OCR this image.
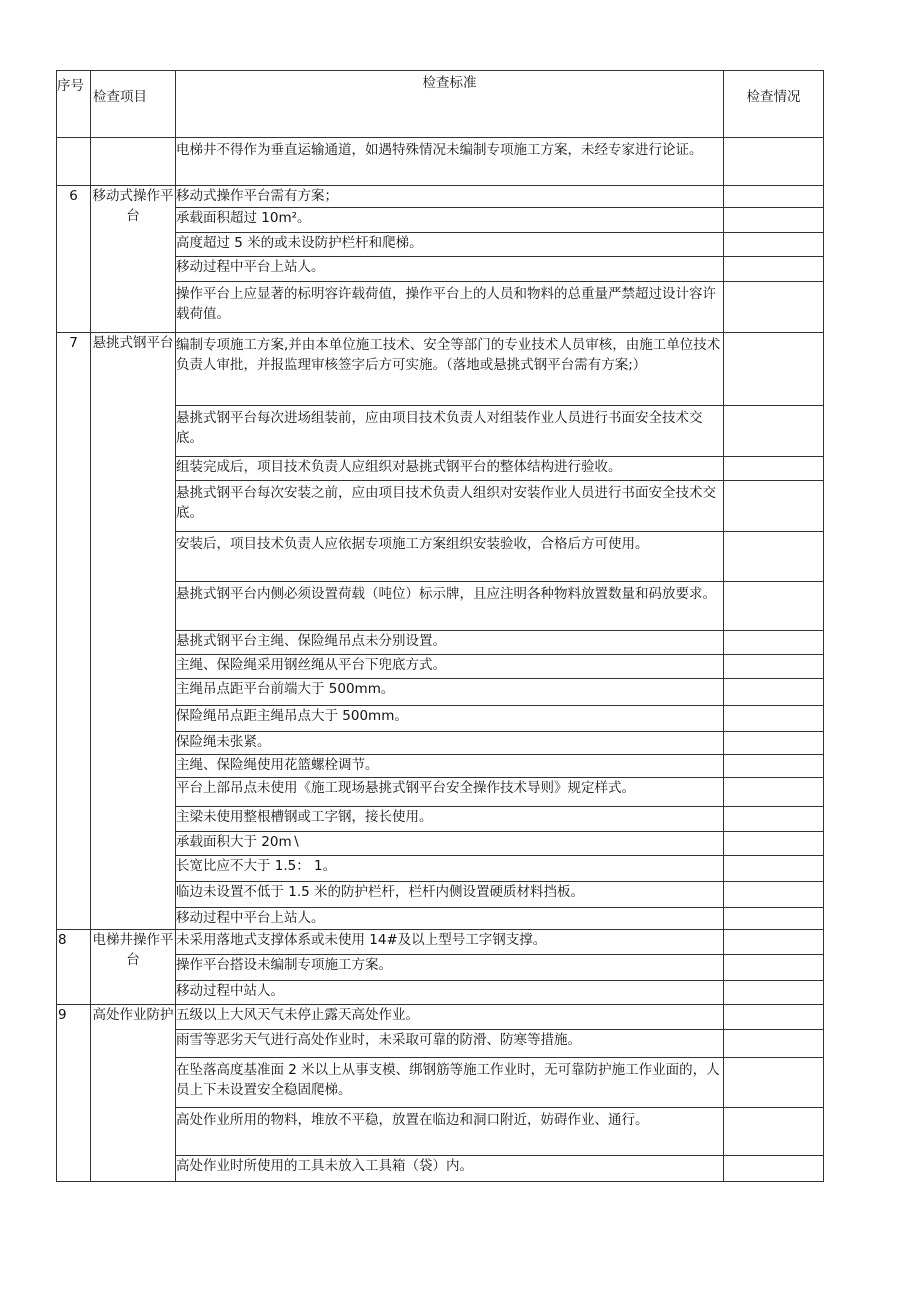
序号	检查项目	检查标准	检查情况
		电梯井不得作为垂直运输通道，如遇特殊情况未编制专项施工方案，未经专家进行论证。	
6	移动式操作平台	移动式操作平台需有方案；	
		承载面积超过 10m²。	
		高度超过 5 米的或未设防护栏杆和爬梯。	
		移动过程中平台上站人。	
		操作平台上应显著的标明容许载荷值，操作平台上的人员和物料的总重量严禁超过设计容许载荷值。	
7	悬挑式钢平台	编制专项施工方案,并由本单位施工技术、安全等部门的专业技术人员审核，由施工单位技术负责人审批，并报监理审核签字后方可实施。（落地或悬挑式钢平台需有方案;）	
		悬挑式钢平台每次进场组装前，应由项目技术负责人对组装作业人员进行书面安全技术交底。	
		组装完成后，项目技术负责人应组织对悬挑式钢平台的整体结构进行验收。	
		悬挑式钢平台每次安装之前，应由项目技术负责人组织对安装作业人员进行书面安全技术交底。	
		安装后，项目技术负责人应依据专项施工方案组织安装验收，合格后方可使用。	
		悬挑式钢平台内侧必须设置荷载（吨位）标示牌，且应注明各种物料放置数量和码放要求。	
		悬挑式钢平台主绳、保险绳吊点未分别设置。	
		主绳、保险绳采用钢丝绳从平台下兜底方式。	
		主绳吊点距平台前端大于 500mm。	
		保险绳吊点距主绳吊点大于 500mm。	
		保险绳未张紧。	
		主绳、保险绳使用花篮螺栓调节。	
		平台上部吊点未使用《施工现场悬挑式钢平台安全操作技术导则》规定样式。	
		主梁未使用整根槽钢或工字钢，接长使用。	
		承载面积大于 20m∖	
		长宽比应不大于 1.5： 1。	
		临边未设置不低于 1.5 米的防护栏杆，栏杆内侧设置硬质材料挡板。	
		移动过程中平台上站人。	
8	电梯井操作平台	未采用落地式支撑体系或未使用 14#及以上型号工字钢支撑。	
		操作平台搭设未编制专项施工方案。	
		移动过程中站人。	
9	高处作业防护	五级以上大风天气未停止露天高处作业。	
		雨雪等恶劣天气进行高处作业时，未采取可靠的防滑、防寒等措施。	
		在坠落高度基准面 2 米以上从事支模、绑钢筋等施工作业时，无可靠防护施工作业面的，人员上下未设置安全稳固爬梯。	
		高处作业所用的物料，堆放不平稳，放置在临边和洞口附近，妨碍作业、通行。	
		高处作业时所使用的工具未放入工具箱（袋）内。	
